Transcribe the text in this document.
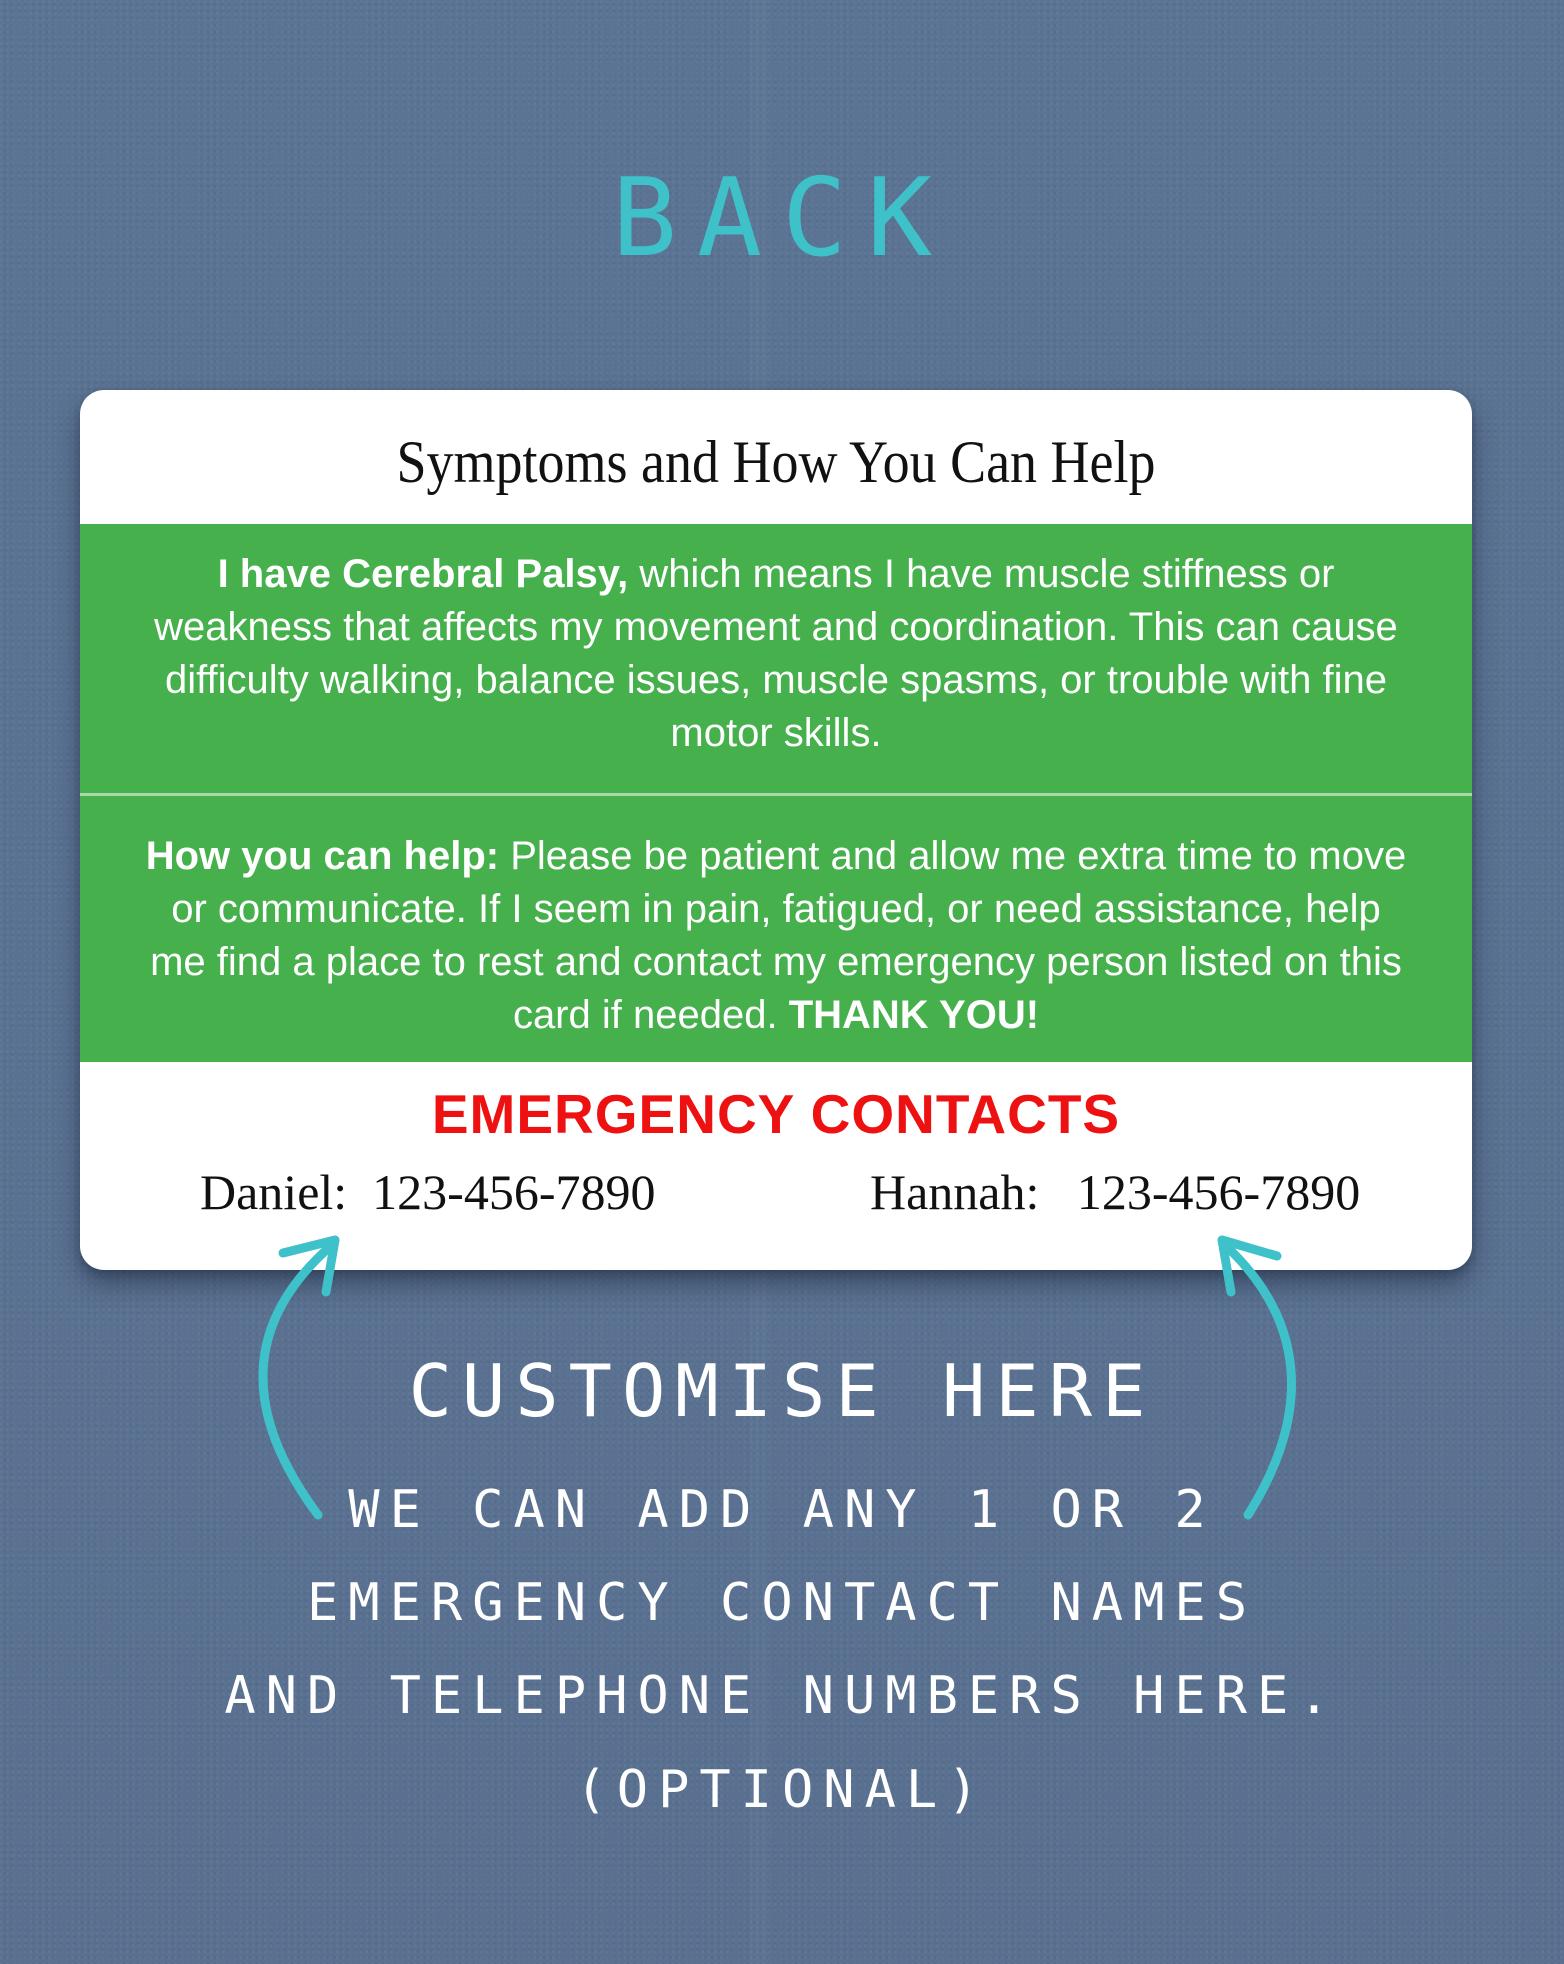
BACK
Symptoms and How You Can Help

I have Cerebral Palsy, which means I have muscle stiffness or weakness that affects my movement and coordination. This can cause difficulty walking, balance issues, muscle spasms, or trouble with fine motor skills.

How you can help: Please be patient and allow me extra time to move or communicate. If I seem in pain, fatigued, or need assistance, help me find a place to rest and contact my emergency person listed on this card if needed. THANK YOU!

EMERGENCY CONTACTS
Daniel: 123-456-7890	Hannah: 123-456-7890
CUSTOMISE HERE

WE CAN ADD ANY 1 OR 2

EMERGENCY CONTACT NAMES

AND TELEPHONE NUMBERS HERE.

(OPTIONAL)
